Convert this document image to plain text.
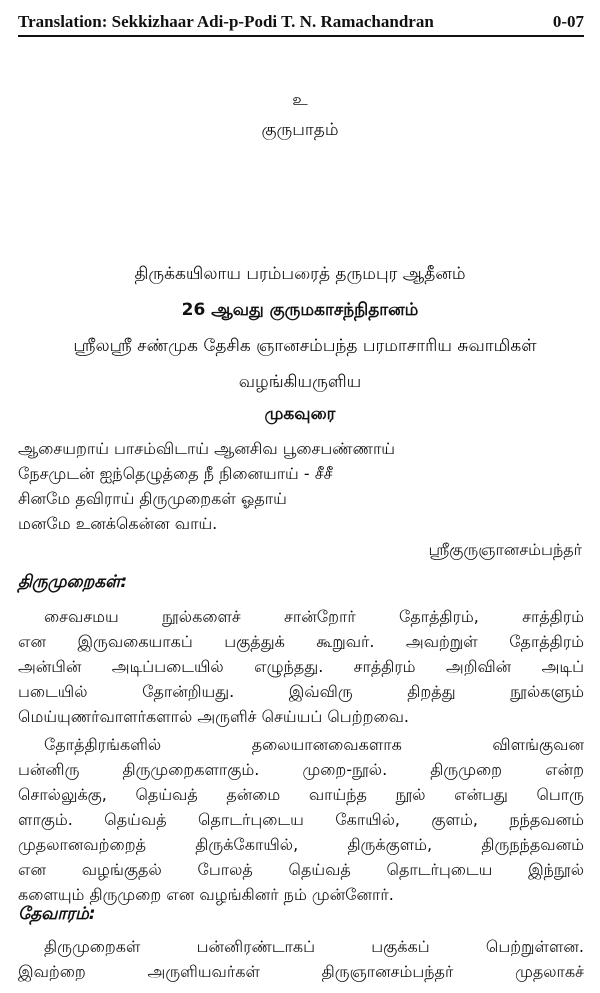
Translation: Sekkizhaar Adi-p-Podi T. N. Ramachandran	0-07
உ
குருபாதம்
திருக்கயிலாய பரம்பரைத் தருமபுர ஆதீனம்
26 ஆவது குருமகாசந்நிதானம்
ஸ்ரீலஸ்ரீ சண்முக தேசிக ஞானசம்பந்த பரமாசாரிய சுவாமிகள்
வழங்கியருளிய
முகவுரை
ஆசையறாய் பாசம்விடாய் ஆனசிவ பூசைபண்ணாய்
நேசமுடன் ஐந்தெழுத்தை நீ நினையாய் - சீசீ
சினமே தவிராய் திருமுறைகள் ஓதாய்
மனமே உனக்கென்ன வாய்.
ஸ்ரீகுருஞானசம்பந்தர்
திருமுறைகள்:
சைவசமய நூல்களைச் சான்றோர் தோத்திரம், சாத்திரம்
என இருவகையாகப் பகுத்துக் கூறுவர். அவற்றுள் தோத்திரம்
அன்பின் அடிப்படையில் எழுந்தது. சாத்திரம் அறிவின் அடிப்
படையில் தோன்றியது. இவ்விரு திறத்து நூல்களும்
மெய்யுணர்வாளர்களால் அருளிச் செய்யப் பெற்றவை.
தோத்திரங்களில் தலையானவைகளாக விளங்குவன
பன்னிரு திருமுறைகளாகும். முறை-நூல். திருமுறை என்ற
சொல்லுக்கு, தெய்வத் தன்மை வாய்ந்த நூல் என்பது பொரு
ளாகும். தெய்வத் தொடர்புடைய கோயில், குளம், நந்தவனம்
முதலானவற்றைத் திருக்கோயில், திருக்குளம், திருநந்தவனம்
என வழங்குதல் போலத் தெய்வத் தொடர்புடைய இந்நூல்
களையும் திருமுறை என வழங்கினர் நம் முன்னோர்.
தேவாரம்:
திருமுறைகள் பன்னிரண்டாகப் பகுக்கப் பெற்றுள்ளன.
இவற்றை அருளியவர்கள் திருஞானசம்பந்தர் முதலாகச்
